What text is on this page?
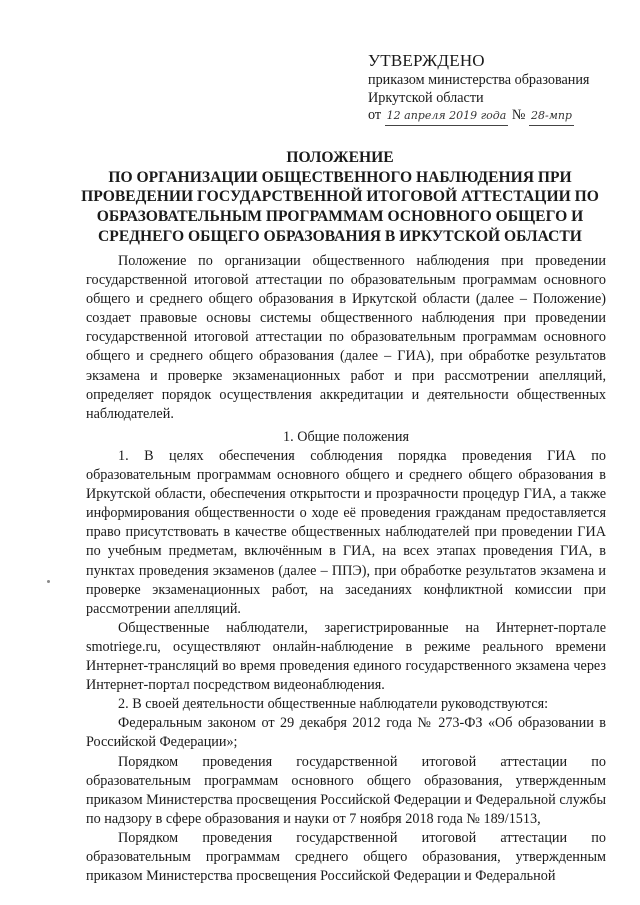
УТВЕРЖДЕНО
приказом министерства образования
Иркутской области
от 12 апреля 2019 года № 28-мпр
ПОЛОЖЕНИЕ
ПО ОРГАНИЗАЦИИ ОБЩЕСТВЕННОГО НАБЛЮДЕНИЯ ПРИ
ПРОВЕДЕНИИ ГОСУДАРСТВЕННОЙ ИТОГОВОЙ АТТЕСТАЦИИ ПО
ОБРАЗОВАТЕЛЬНЫМ ПРОГРАММАМ ОСНОВНОГО ОБЩЕГО И
СРЕДНЕГО ОБЩЕГО ОБРАЗОВАНИЯ В ИРКУТСКОЙ ОБЛАСТИ

Положение по организации общественного наблюдения при проведении государственной итоговой аттестации по образовательным программам основного общего и среднего общего образования в Иркутской области (далее – Положение) создает правовые основы системы общественного наблюдения при проведении государственной итоговой аттестации по образовательным программам основного общего и среднего общего образования (далее – ГИА), при обработке результатов экзамена и проверке экзаменационных работ и при рассмотрении апелляций, определяет порядок осуществления аккредитации и деятельности общественных наблюдателей.

1. Общие положения

1. В целях обеспечения соблюдения порядка проведения ГИА по образовательным программам основного общего и среднего общего образования в Иркутской области, обеспечения открытости и прозрачности процедур ГИА, а также информирования общественности о ходе её проведения гражданам предоставляется право присутствовать в качестве общественных наблюдателей при проведении ГИА по учебным предметам, включённым в ГИА, на всех этапах проведения ГИА, в пунктах проведения экзаменов (далее – ППЭ), при обработке результатов экзамена и проверке экзаменационных работ, на заседаниях конфликтной комиссии при рассмотрении апелляций.

Общественные наблюдатели, зарегистрированные на Интернет-портале smotriege.ru, осуществляют онлайн-наблюдение в режиме реального времени Интернет-трансляций во время проведения единого государственного экзамена через Интернет-портал посредством видеонаблюдения.

2. В своей деятельности общественные наблюдатели руководствуются:

Федеральным законом от 29 декабря 2012 года № 273-ФЗ «Об образовании в Российской Федерации»;

Порядком проведения государственной итоговой аттестации по образовательным программам основного общего образования, утвержденным приказом Министерства просвещения Российской Федерации и Федеральной службы по надзору в сфере образования и науки от 7 ноября 2018 года № 189/1513,

Порядком проведения государственной итоговой аттестации по образовательным программам среднего общего образования, утвержденным приказом Министерства просвещения Российской Федерации и Федеральной
